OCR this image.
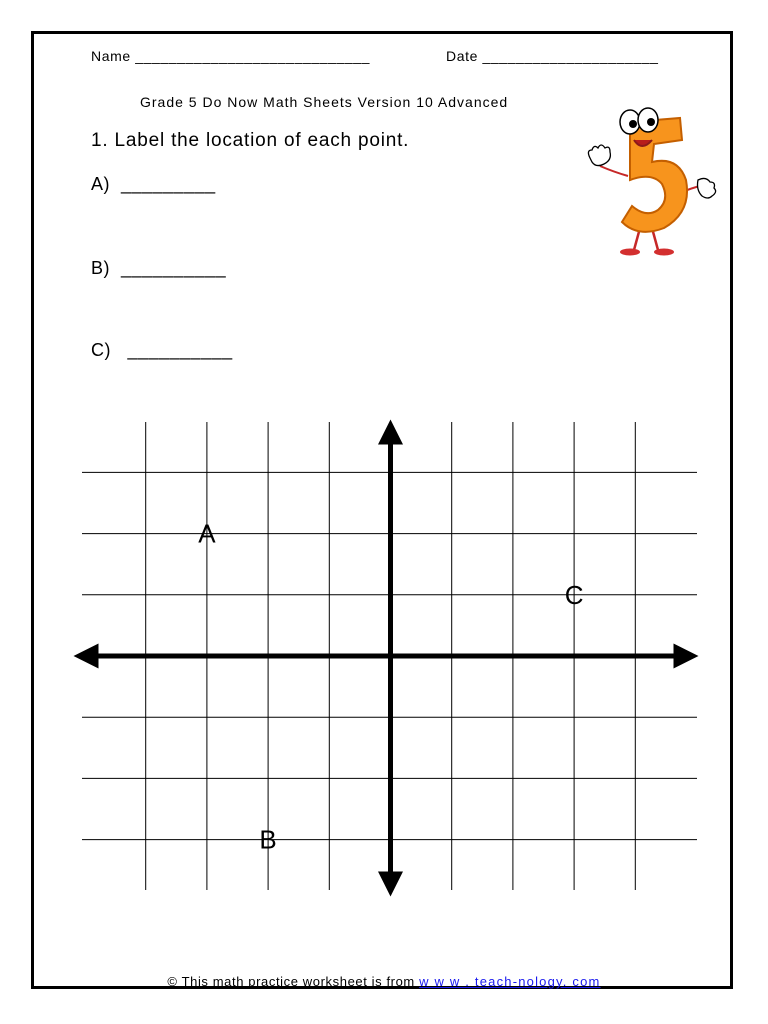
Name ____________________________	Date _____________________

Grade 5 Do Now Math Sheets Version 10 Advanced

1. Label the location of each point.

A)  _________

B)  __________

C)   __________

A
B
C

© This math practice worksheet is from w w w . teach-nology. com
